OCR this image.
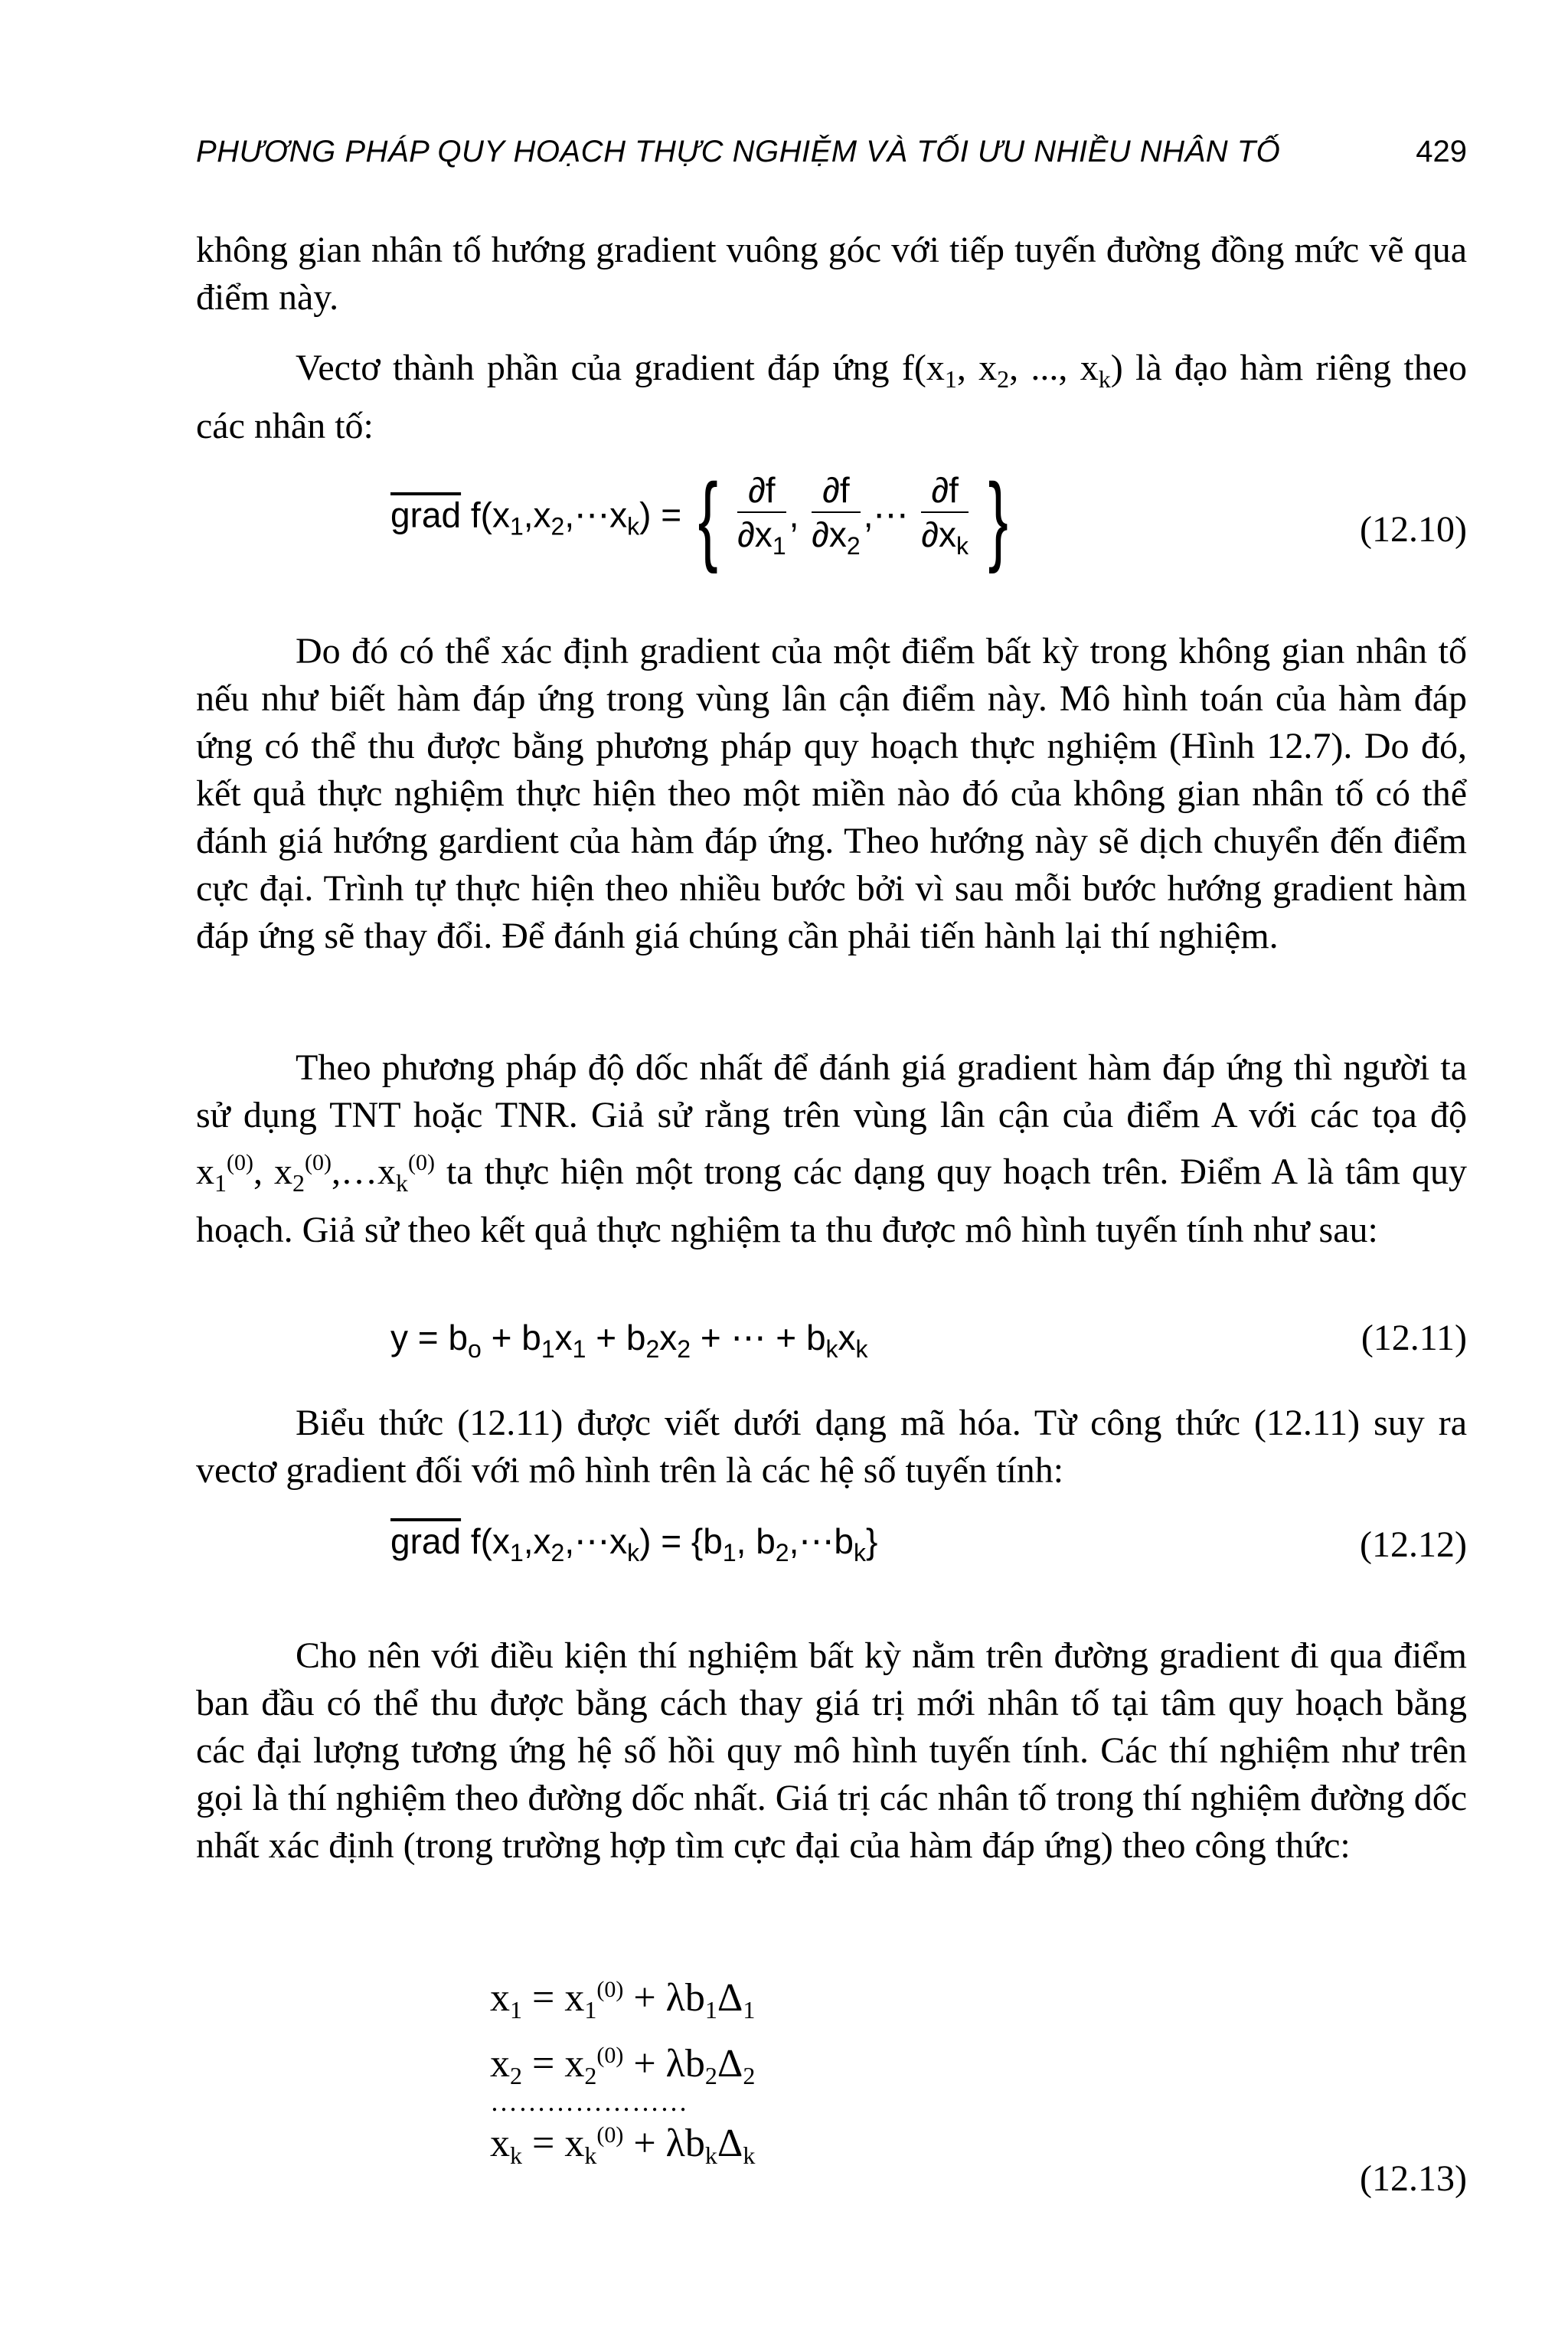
PHƯƠNG PHÁP QUY HOẠCH THỰC NGHIỆM VÀ TỐI ƯU NHIỀU NHÂN TỐ	429

không gian nhân tố hướng gradient vuông góc với tiếp tuyến đường đồng mức vẽ qua điểm này.

Vectơ thành phần của gradient đáp ứng $f(x_1$, $x_2$, ..., $x_k$) là đạo hàm riêng theo các nhân tố:

grad $f(x_1,x_2,\cdots x_k)$ = { $\frac{\partial f}{\partial x_1}$ , $\frac{\partial f}{\partial x_2}$ ,⋯ $\frac{\partial f}{\partial x_k}$ }	(12.10)

Do đó có thể xác định gradient của một điểm bất kỳ trong không gian nhân tố nếu như biết hàm đáp ứng trong vùng lân cận điểm này. Mô hình toán của hàm đáp ứng có thể thu được bằng phương pháp quy hoạch thực nghiệm (Hình 12.7). Do đó, kết quả thực nghiệm thực hiện theo một miền nào đó của không gian nhân tố có thể đánh giá hướng gardient của hàm đáp ứng. Theo hướng này sẽ dịch chuyển đến điểm cực đại. Trình tự thực hiện theo nhiều bước bởi vì sau mỗi bước hướng gradient hàm đáp ứng sẽ thay đổi. Để đánh giá chúng cần phải tiến hành lại thí nghiệm.

Theo phương pháp độ dốc nhất để đánh giá gradient hàm đáp ứng thì người ta sử dụng TNT hoặc TNR. Giả sử rằng trên vùng lân cận của điểm A với các tọa độ $x_1^{(0)}$, $x_2^{(0)},\dots x_k^{(0)}$ ta thực hiện một trong các dạng quy hoạch trên. Điểm A là tâm quy hoạch. Giả sử theo kết quả thực nghiệm ta thu được mô hình tuyến tính như sau:

$y = b_o + b_1x_1 + b_2x_2$ + ⋯ + $b_kx_k$	(12.11)

Biểu thức (12.11) được viết dưới dạng mã hóa. Từ công thức (12.11) suy ra vectơ gradient đối với mô hình trên là các hệ số tuyến tính:

grad $f(x_1,x_2,\cdots x_k) = \{b_1$, $b_2,\cdots b_k$}	(12.12)

Cho nên với điều kiện thí nghiệm bất kỳ nằm trên đường gradient đi qua điểm ban đầu có thể thu được bằng cách thay giá trị mới nhân tố tại tâm quy hoạch bằng các đại lượng tương ứng hệ số hồi quy mô hình tuyến tính. Các thí nghiệm như trên gọi là thí nghiệm theo đường dốc nhất. Giá trị các nhân tố trong thí nghiệm đường dốc nhất xác định (trong trường hợp tìm cực đại của hàm đáp ứng) theo công thức:

$x_1 = x_1^{(0)} + \lambda b_1\Delta_1$
$x_2 = x_2^{(0)} + \lambda b_2\Delta_2$
…………………
$x_k = x_k^{(0)} + \lambda b_k\Delta_k$
(12.13)
